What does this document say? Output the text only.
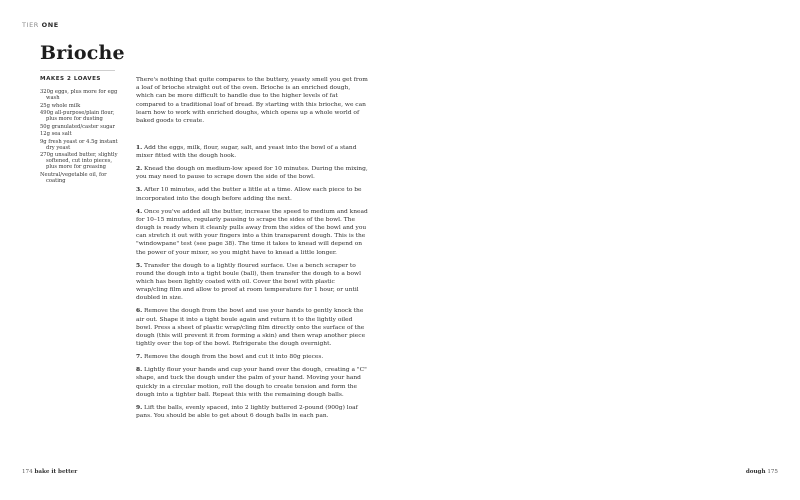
TIER ONE
Brioche
MAKES 2 LOAVES
320g eggs, plus more for egg wash
25g whole milk
490g all-purpose/plain flour, plus more for dusting
50g granulated/caster sugar
12g sea salt
9g fresh yeast or 4.5g instant dry yeast
270g unsalted butter, slightly softened, cut into pieces, plus more for greasing
Neutral/vegetable oil, for coating

There's nothing that quite compares to the buttery, yeasty smell you get from a loaf of brioche straight out of the oven. Brioche is an enriched dough, which can be more difficult to handle due to the higher levels of fat compared to a traditional loaf of bread. By starting with this brioche, we can learn how to work with enriched doughs, which opens up a whole world of baked goods to create.

1. Add the eggs, milk, flour, sugar, salt, and yeast into the bowl of a stand mixer fitted with the dough hook.
2. Knead the dough on medium-low speed for 10 minutes. During the mixing, you may need to pause to scrape down the side of the bowl.
3. After 10 minutes, add the butter a little at a time. Allow each piece to be incorporated into the dough before adding the next.
4. Once you've added all the butter, increase the speed to medium and knead for 10–15 minutes, regularly pausing to scrape the sides of the bowl. The dough is ready when it cleanly pulls away from the sides of the bowl and you can stretch it out with your fingers into a thin transparent dough. This is the "windowpane" test (see page 38). The time it takes to knead will depend on the power of your mixer, so you might have to knead a little longer.
5. Transfer the dough to a lightly floured surface. Use a bench scraper to round the dough into a tight boule (ball), then transfer the dough to a bowl which has been lightly coated with oil. Cover the bowl with plastic wrap/cling film and allow to proof at room temperature for 1 hour, or until doubled in size.
6. Remove the dough from the bowl and use your hands to gently knock the air out. Shape it into a tight boule again and return it to the lightly oiled bowl. Press a sheet of plastic wrap/cling film directly onto the surface of the dough (this will prevent it from forming a skin) and then wrap another piece tightly over the top of the bowl. Refrigerate the dough overnight.
7. Remove the dough from the bowl and cut it into 80g pieces.
8. Lightly flour your hands and cup your hand over the dough, creating a "C" shape, and tuck the dough under the palm of your hand. Moving your hand quickly in a circular motion, roll the dough to create tension and form the dough into a tighter ball. Repeat this with the remaining dough balls.
9. Lift the balls, evenly spaced, into 2 lightly buttered 2-pound (900g) loaf pans. You should be able to get about 6 dough balls in each pan.
174 bake it better	dough 175
